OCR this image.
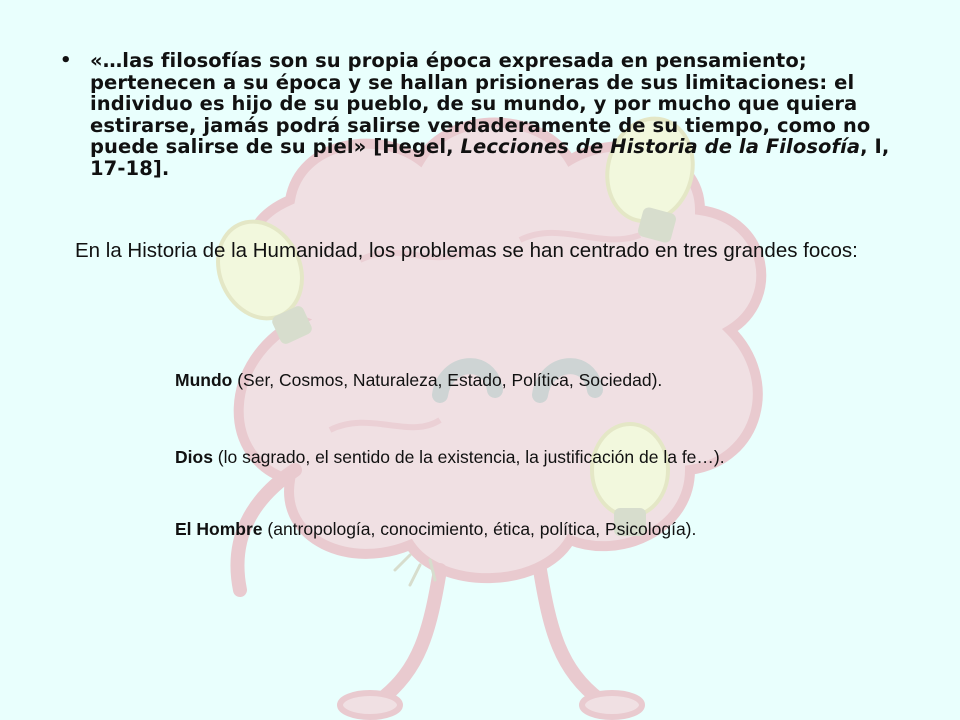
• «…las filosofías son su propia época expresada en pensamiento; pertenecen a su época y se hallan prisioneras de sus limitaciones: el individuo es hijo de su pueblo, de su mundo, y por mucho que quiera estirarse, jamás podrá salirse verdaderamente de su tiempo, como no puede salirse de su piel» [Hegel, Lecciones de Historia de la Filosofía, I, 17-18].

En la Historia de la Humanidad, los problemas se han centrado en tres grandes focos:

Mundo (Ser, Cosmos, Naturaleza, Estado, Política, Sociedad).

Dios (lo sagrado, el sentido de la existencia, la justificación de la fe…).

El Hombre (antropología, conocimiento, ética, política, Psicología).
